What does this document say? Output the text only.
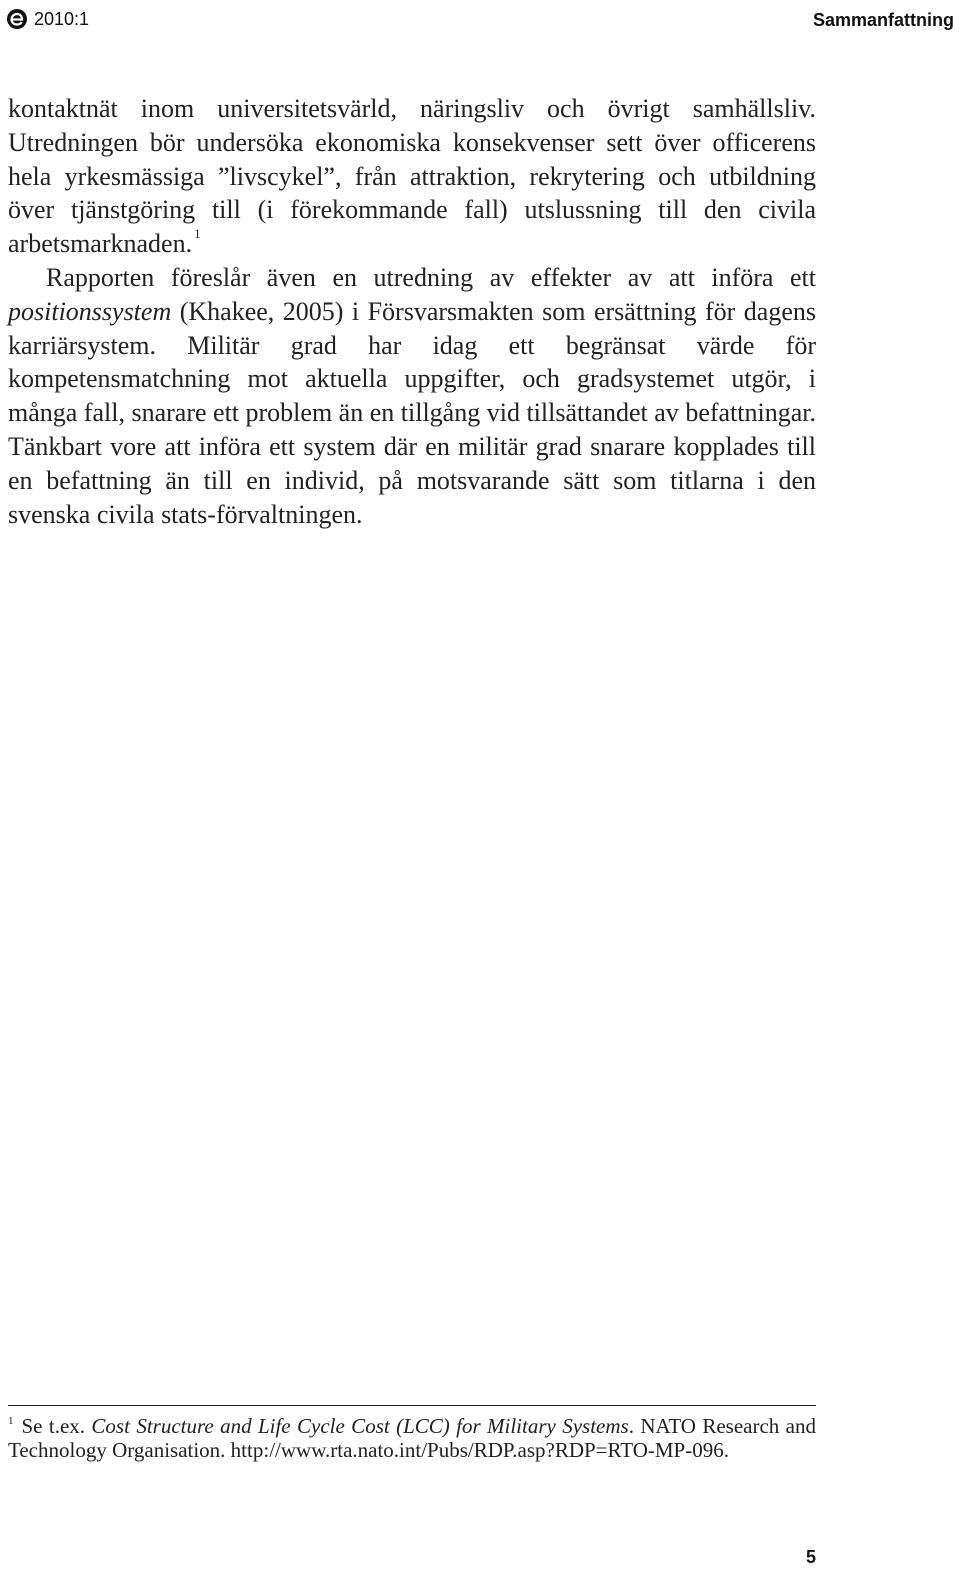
2010:1	Sammanfattning

kontaktnät inom universitetsvärld, näringsliv och övrigt samhällsliv. Utredningen bör undersöka ekonomiska konsekvenser sett över officerens hela yrkesmässiga ”livscykel”, från attraktion, rekrytering och utbildning över tjänstgöring till (i förekommande fall) utslussning till den civila arbetsmarknaden. $^1$

Rapporten föreslår även en utredning av effekter av att införa ett positionssystem (Khakee, 2005) i Försvarsmakten som ersättning för dagens karriärsystem. Militär grad har idag ett begränsat värde för kompetensmatchning mot aktuella uppgifter, och gradsystemet utgör, i många fall, snarare ett problem än en tillgång vid tillsättandet av befattningar. Tänkbart vore att införa ett system där en militär grad snarare kopplades till en befattning än till en individ, på motsvarande sätt som titlarna i den svenska civila stats-förvaltningen.

$^1$ Se t.ex. Cost Structure and Life Cycle Cost (LCC) for Military Systems. NATO Research and Technology Organisation. http://www.rta.nato.int/Pubs/RDP.asp?RDP=RTO-MP-096.
5
